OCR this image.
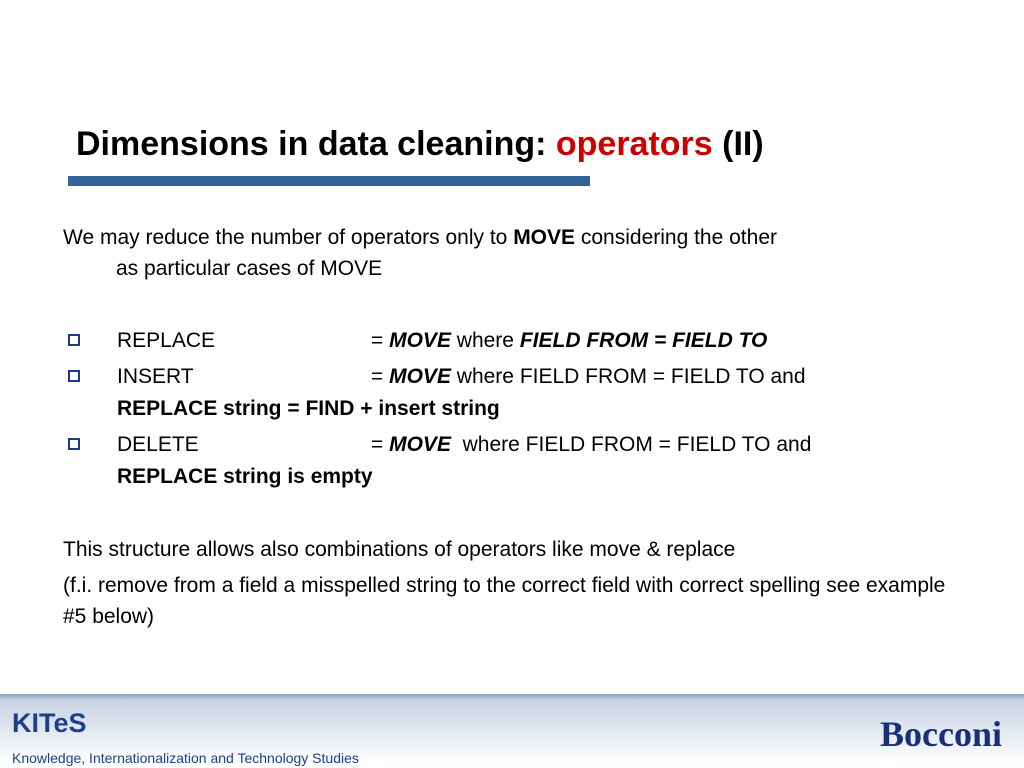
Dimensions in data cleaning: operators (II)

We may reduce the number of operators only to MOVE considering the other
as particular cases of MOVE

REPLACE	= MOVE where FIELD FROM = FIELD TO
INSERT	= MOVE where FIELD FROM = FIELD TO and
REPLACE string = FIND + insert string
DELETE	= MOVE  where FIELD FROM = FIELD TO and
REPLACE string is empty

This structure allows also combinations of operators like move & replace

(f.i. remove from a field a misspelled string to the correct field with correct spelling see example #5 below)

KITeS

Knowledge, Internationalization and Technology Studies

Bocconi
